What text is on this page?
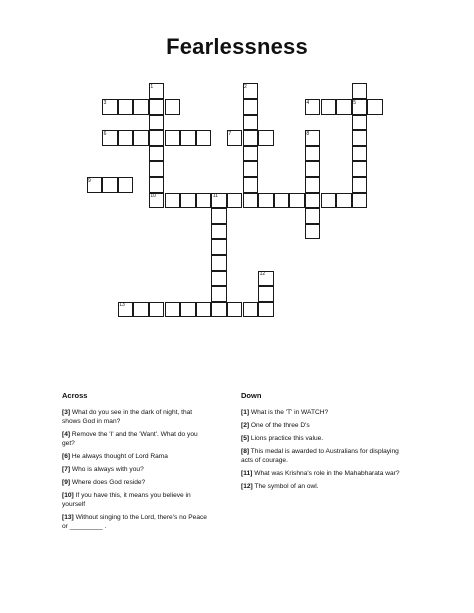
Fearlessness
1	2
3	4	5
6	7	8
9
10	11
12
13
Across	Down
[3] What do you see in the dark of night, that shows God in man?
[4] Remove the 'I' and the 'Want'. What do you get?
[6] He always thought of Lord Rama
[7] Who is always with you?
[9] Where does God reside?
[10] If you have this, it means you believe in yourself
[13] Without singing to the Lord, there's no Peace or _________ .
[1] What is the 'T' in WATCH?
[2] One of the three D's
[5] Lions practice this value.
[8] This medal is awarded to Australians for displaying acts of courage.
[11] What was Krishna's role in the Mahabharata war?
[12] The symbol of an owl.
